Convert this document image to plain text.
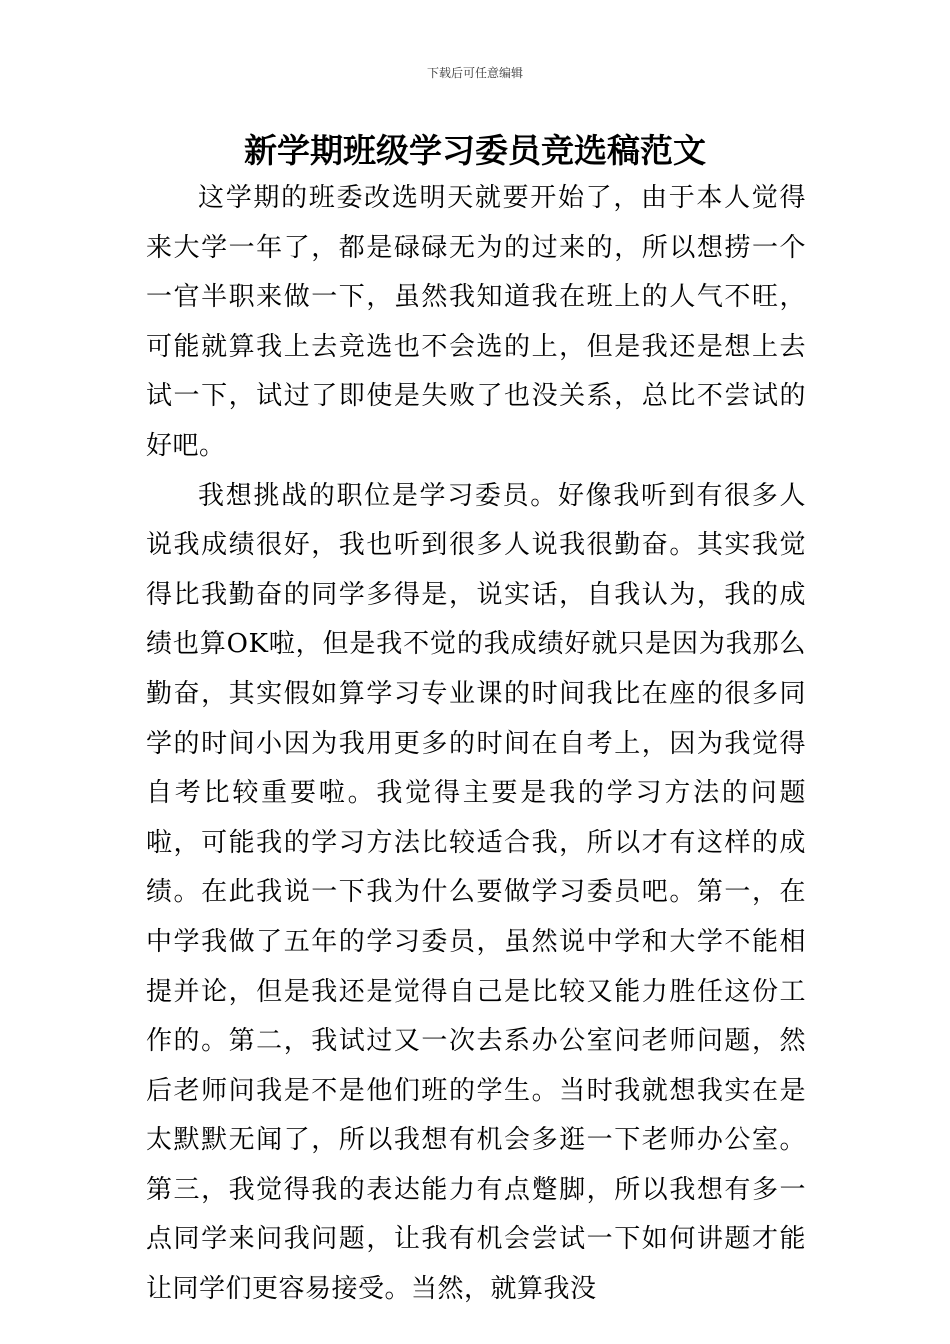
下载后可任意编辑
新学期班级学习委员竞选稿范文

这学期的班委改选明天就要开始了，由于本人觉得来大学一年了，都是碌碌无为的过来的，所以想捞一个一官半职来做一下，虽然我知道我在班上的人气不旺，可能就算我上去竞选也不会选的上，但是我还是想上去试一下，试过了即使是失败了也没关系，总比不尝试的好吧。

我想挑战的职位是学习委员。好像我听到有很多人说我成绩很好，我也听到很多人说我很勤奋。其实我觉得比我勤奋的同学多得是，说实话，自我认为，我的成绩也算OK啦，但是我不觉的我成绩好就只是因为我那么勤奋，其实假如算学习专业课的时间我比在座的很多同学的时间小因为我用更多的时间在自考上，因为我觉得自考比较重要啦。我觉得主要是我的学习方法的问题啦，可能我的学习方法比较适合我，所以才有这样的成绩。在此我说一下我为什么要做学习委员吧。第一，在中学我做了五年的学习委员，虽然说中学和大学不能相提并论，但是我还是觉得自己是比较又能力胜任这份工作的。第二，我试过又一次去系办公室问老师问题，然后老师问我是不是他们班的学生。当时我就想我实在是太默默无闻了，所以我想有机会多逛一下老师办公室。第三，我觉得我的表达能力有点蹩脚，所以我想有多一点同学来问我问题，让我有机会尝试一下如何讲题才能让同学们更容易接受。当然，就算我没
